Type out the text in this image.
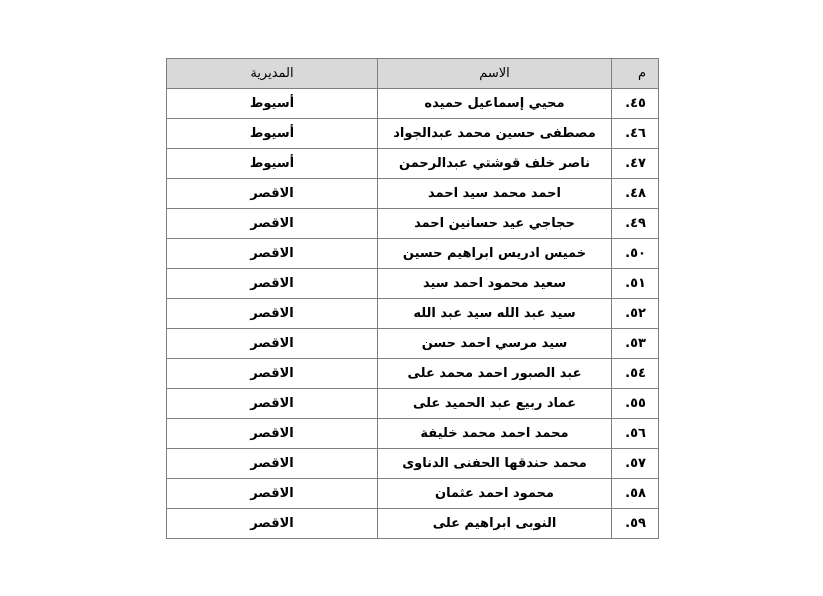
م	الاسم	المديرية
٤٥.	محيي إسماعيل حميده	أسيوط
٤٦.	مصطفى حسين محمد عبدالجواد	أسيوط
٤٧.	ناصر خلف قوشتي عبدالرحمن	أسيوط
٤٨.	احمد محمد سيد احمد	الاقصر
٤٩.	حجاجي عيد حسانين احمد	الاقصر
٥٠.	خميس ادريس ابراهيم حسين	الاقصر
٥١.	سعيد محمود احمد سيد	الاقصر
٥٢.	سيد عبد الله سيد عبد الله	الاقصر
٥٣.	سيد مرسي احمد حسن	الاقصر
٥٤.	عبد الصبور احمد محمد على	الاقصر
٥٥.	عماد ربيع عبد الحميد على	الاقصر
٥٦.	محمد احمد محمد خليفة	الاقصر
٥٧.	محمد حندقها الحفنى الدناوى	الاقصر
٥٨.	محمود احمد عثمان	الاقصر
٥٩.	النوبى ابراهيم على	الاقصر
